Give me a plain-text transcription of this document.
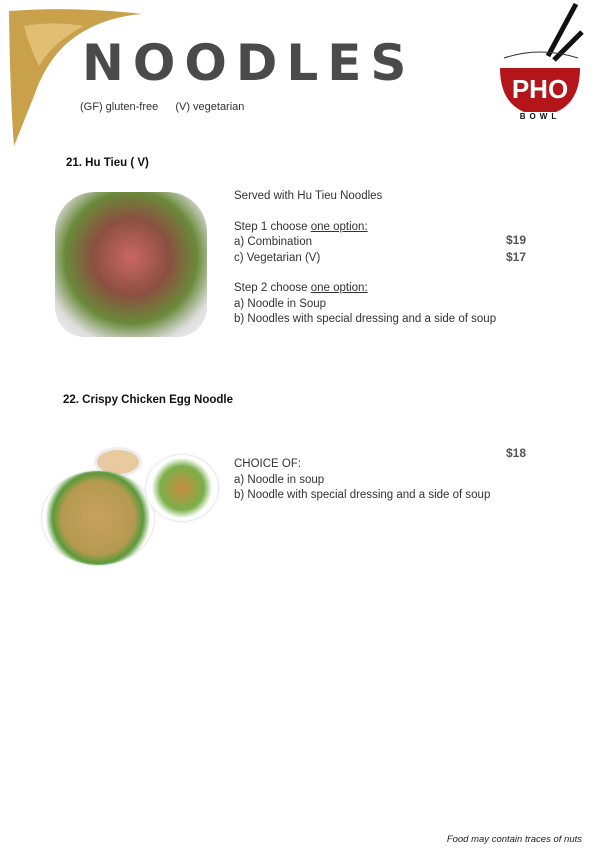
NOODLES
(GF) gluten-free (V) vegetarian
PHO
BOWL
21. Hu Tieu ( V)
Served with Hu Tieu Noodles
Step 1 choose one option:
a) Combination
c) Vegetarian (V)
Step 2 choose one option:
a) Noodle in Soup
b) Noodles with special dressing and a side of soup
$19
$17
22. Crispy Chicken Egg Noodle
$18
CHOICE OF:
a) Noodle in soup
b) Noodle with special dressing and a side of soup
Food may contain traces of nuts
